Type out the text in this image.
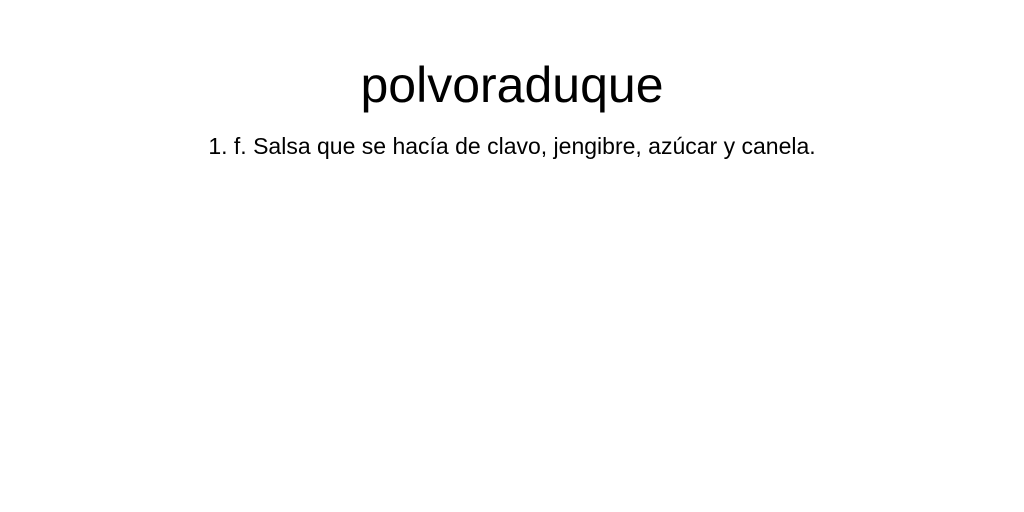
polvoraduque

1. f. Salsa que se hacía de clavo, jengibre, azúcar y canela.
